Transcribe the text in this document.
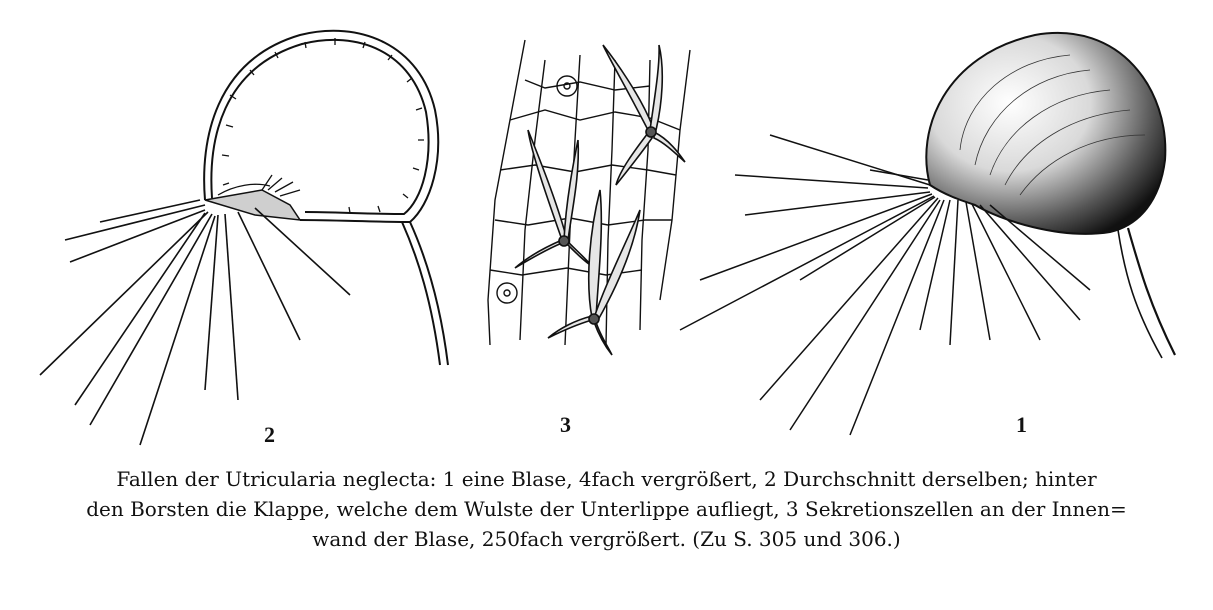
2	3	1
Fallen der Utricularia neglecta: 1 eine Blase, 4fach vergrößert, 2 Durchschnitt derselben; hinter
den Borsten die Klappe, welche dem Wulste der Unterlippe aufliegt, 3 Sekretionszellen an der Innen=
wand der Blase, 250fach vergrößert. (Zu S. 305 und 306.)
